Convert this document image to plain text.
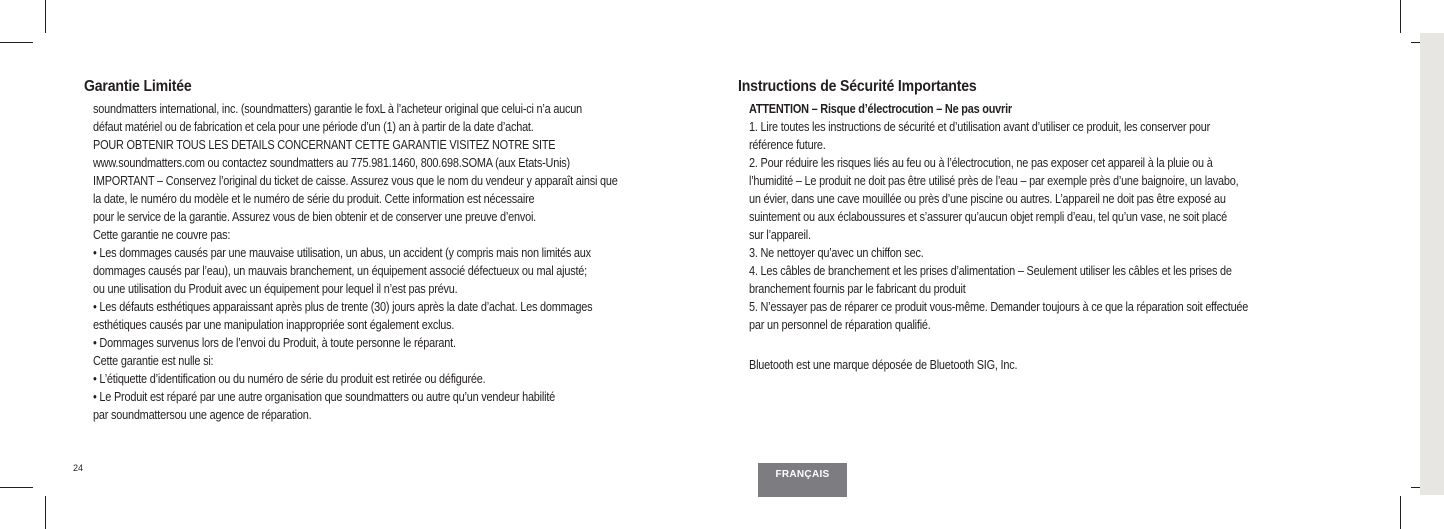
Garantie Limitée
soundmatters international, inc. (soundmatters) garantie le foxL à l’acheteur original que celui-ci n’a aucun
défaut matériel ou de fabrication et cela pour une période d’un (1) an à partir de la date d’achat.
POUR OBTENIR TOUS LES DETAILS CONCERNANT CETTE GARANTIE VISITEZ NOTRE SITE
www.soundmatters.com ou contactez soundmatters au 775.981.1460, 800.698.SOMA (aux Etats-Unis)
IMPORTANT – Conservez l’original du ticket de caisse. Assurez vous que le nom du vendeur y apparaît ainsi que
la date, le numéro du modèle et le numéro de série du produit. Cette information est nécessaire
pour le service de la garantie. Assurez vous de bien obtenir et de conserver une preuve d’envoi.
Cette garantie ne couvre pas:
• Les dommages causés par une mauvaise utilisation, un abus, un accident (y compris mais non limités aux
dommages causés par l’eau), un mauvais branchement, un équipement associé défectueux ou mal ajusté;
ou une utilisation du Produit avec un équipement pour lequel il n’est pas prévu.
• Les défauts esthétiques apparaissant après plus de trente (30) jours après la date d’achat. Les dommages
esthétiques causés par une manipulation inappropriée sont également exclus.
• Dommages survenus lors de l’envoi du Produit, à toute personne le réparant.
Cette garantie est nulle si:
• L’étiquette d’identification ou du numéro de série du produit est retirée ou défigurée.
• Le Produit est réparé par une autre organisation que soundmatters ou autre qu’un vendeur habilité
par soundmattersou une agence de réparation.
Instructions de Sécurité Importantes
ATTENTION – Risque d’électrocution – Ne pas ouvrir
1. Lire toutes les instructions de sécurité et d’utilisation avant d’utiliser ce produit, les conserver pour
référence future.
2. Pour réduire les risques liés au feu ou à l’électrocution, ne pas exposer cet appareil à la pluie ou à
l’humidité – Le produit ne doit pas être utilisé près de l’eau – par exemple près d’une baignoire, un lavabo,
un évier, dans une cave mouillée ou près d’une piscine ou autres. L’appareil ne doit pas être exposé au
suintement ou aux éclaboussures et s’assurer qu’aucun objet rempli d’eau, tel qu’un vase, ne soit placé
sur l’appareil.
3. Ne nettoyer qu’avec un chiffon sec.
4. Les câbles de branchement et les prises d’alimentation – Seulement utiliser les câbles et les prises de
branchement fournis par le fabricant du produit
5. N’essayer pas de réparer ce produit vous-même. Demander toujours à ce que la réparation soit effectuée
par un personnel de réparation qualifié.
Bluetooth est une marque déposée de Bluetooth SIG, Inc.
24
FRANÇAIS
